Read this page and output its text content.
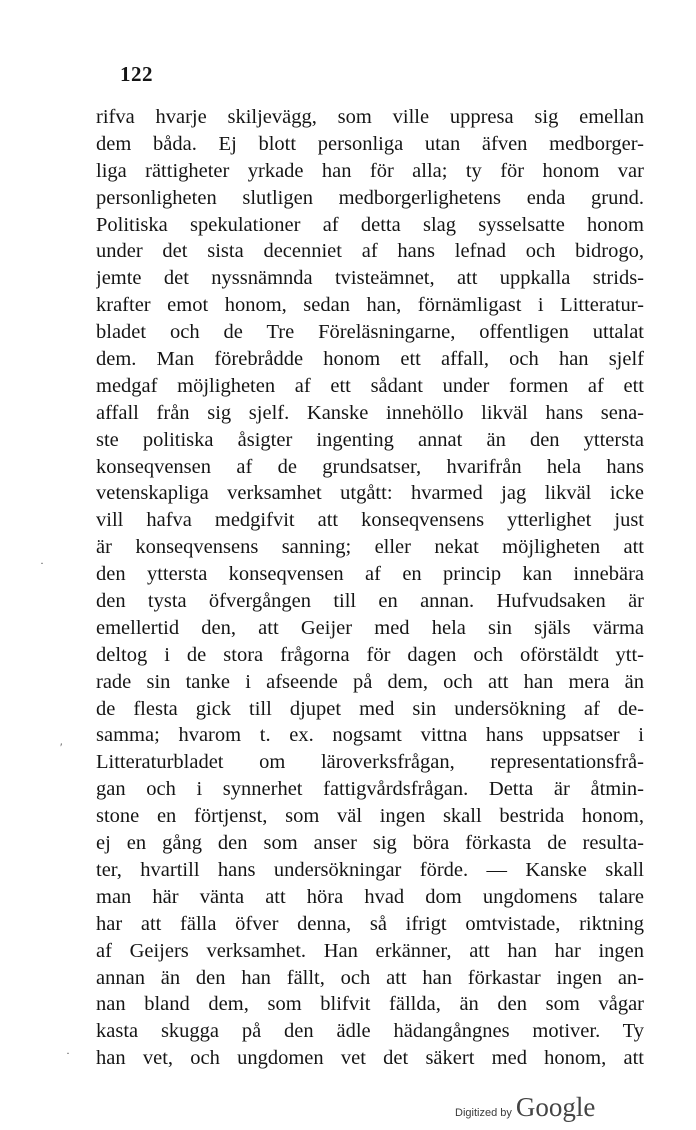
122
rifva hvarje skiljevägg, som ville uppresa sig emellan
dem båda. Ej blott personliga utan äfven medborger-
liga rättigheter yrkade han för alla; ty för honom var
personligheten slutligen medborgerlighetens enda grund.
Politiska spekulationer af detta slag sysselsatte honom
under det sista decenniet af hans lefnad och bidrogo,
jemte det nyssnämnda tvisteämnet, att uppkalla strids-
krafter emot honom, sedan han, förnämligast i Litteratur-
bladet och de Tre Föreläsningarne, offentligen uttalat
dem. Man förebrådde honom ett affall, och han sjelf
medgaf möjligheten af ett sådant under formen af ett
affall från sig sjelf. Kanske innehöllo likväl hans sena-
ste politiska åsigter ingenting annat än den yttersta
konseqvensen af de grundsatser, hvarifrån hela hans
vetenskapliga verksamhet utgått: hvarmed jag likväl icke
vill hafva medgifvit att konseqvensens ytterlighet just
är konseqvensens sanning; eller nekat möjligheten att
den yttersta konseqvensen af en princip kan innebära
den tysta öfvergången till en annan. Hufvudsaken är
emellertid den, att Geijer med hela sin själs värma
deltog i de stora frågorna för dagen och oförstäldt ytt-
rade sin tanke i afseende på dem, och att han mera än
de flesta gick till djupet med sin undersökning af de-
samma; hvarom t. ex. nogsamt vittna hans uppsatser i
Litteraturbladet om läroverksfrågan, representationsfrå-
gan och i synnerhet fattigvårdsfrågan. Detta är åtmin-
stone en förtjenst, som väl ingen skall bestrida honom,
ej en gång den som anser sig böra förkasta de resulta-
ter, hvartill hans undersökningar förde. — Kanske skall
man här vänta att höra hvad dom ungdomens talare
har att fälla öfver denna, så ifrigt omtvistade, riktning
af Geijers verksamhet. Han erkänner, att han har ingen
annan än den han fällt, och att han förkastar ingen an-
nan bland dem, som blifvit fällda, än den som vågar
kasta skugga på den ädle hädangångnes motiver. Ty
han vet, och ungdomen vet det säkert med honom, att
·
′
·
Digitized by Google
